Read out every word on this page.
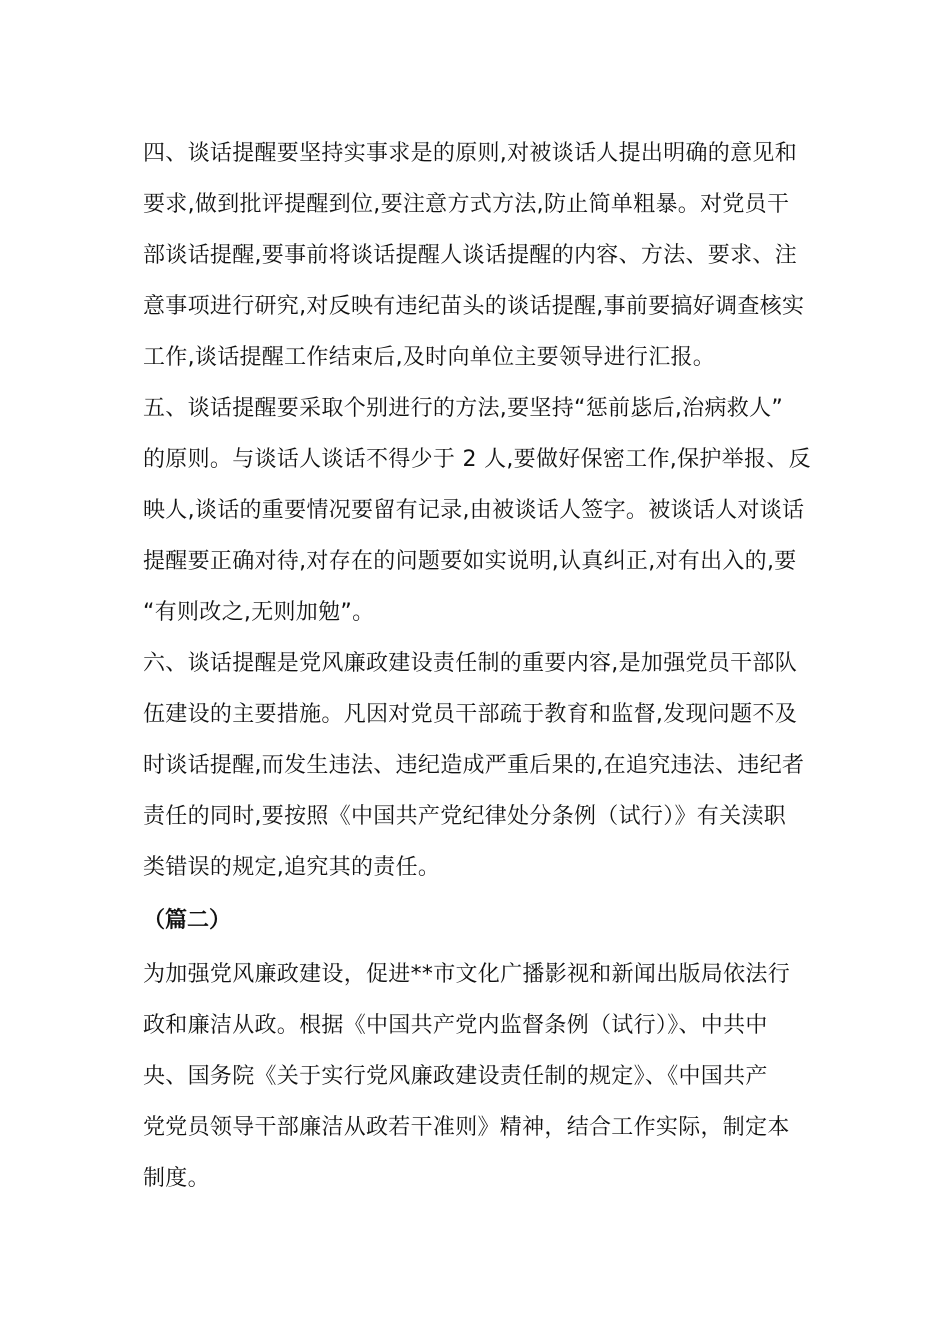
四、谈话提醒要坚持实事求是的原则,对被谈话人提出明确的意见和
要求,做到批评提醒到位,要注意方式方法,防止简单粗暴。对党员干
部谈话提醒,要事前将谈话提醒人谈话提醒的内容、方法、要求、注
意事项进行研究,对反映有违纪苗头的谈话提醒,事前要搞好调查核实
工作,谈话提醒工作结束后,及时向单位主要领导进行汇报。
五、谈话提醒要采取个别进行的方法,要坚持“惩前毖后,治病救人”
的原则。与谈话人谈话不得少于 2 人,要做好保密工作,保护举报、反
映人,谈话的重要情况要留有记录,由被谈话人签字。被谈话人对谈话
提醒要正确对待,对存在的问题要如实说明,认真纠正,对有出入的,要
“有则改之,无则加勉”。
六、谈话提醒是党风廉政建设责任制的重要内容,是加强党员干部队
伍建设的主要措施。凡因对党员干部疏于教育和监督,发现问题不及
时谈话提醒,而发生违法、违纪造成严重后果的,在追究违法、违纪者
责任的同时,要按照《中国共产党纪律处分条例（试行）》有关渎职
类错误的规定,追究其的责任。
（篇二）
为加强党风廉政建设，促进**市文化广播影视和新闻出版局依法行
政和廉洁从政。根据《中国共产党内监督条例（试行）》、中共中
央、国务院《关于实行党风廉政建设责任制的规定》、《中国共产
党党员领导干部廉洁从政若干准则》精神，结合工作实际，制定本
制度。
